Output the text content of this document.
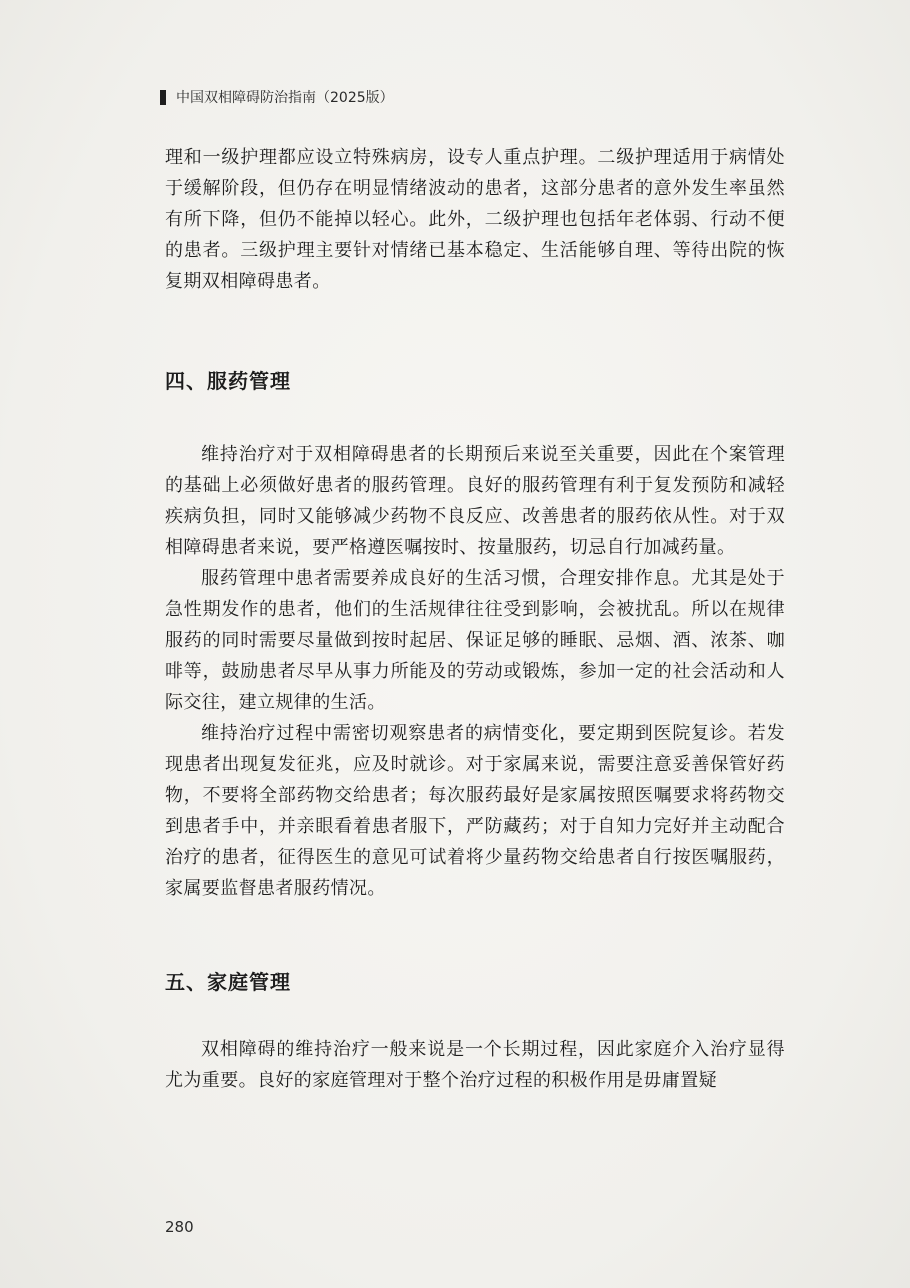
中国双相障碍防治指南（2025版）

理和一级护理都应设立特殊病房，设专人重点护理。二级护理适用于病情处于缓解阶段，但仍存在明显情绪波动的患者，这部分患者的意外发生率虽然有所下降，但仍不能掉以轻心。此外，二级护理也包括年老体弱、行动不便的患者。三级护理主要针对情绪已基本稳定、生活能够自理、等待出院的恢复期双相障碍患者。

四、服药管理

维持治疗对于双相障碍患者的长期预后来说至关重要，因此在个案管理的基础上必须做好患者的服药管理。良好的服药管理有利于复发预防和减轻疾病负担，同时又能够减少药物不良反应、改善患者的服药依从性。对于双相障碍患者来说，要严格遵医嘱按时、按量服药，切忌自行加减药量。

服药管理中患者需要养成良好的生活习惯，合理安排作息。尤其是处于急性期发作的患者，他们的生活规律往往受到影响，会被扰乱。所以在规律服药的同时需要尽量做到按时起居、保证足够的睡眠、忌烟、酒、浓茶、咖啡等，鼓励患者尽早从事力所能及的劳动或锻炼，参加一定的社会活动和人际交往，建立规律的生活。

维持治疗过程中需密切观察患者的病情变化，要定期到医院复诊。若发现患者出现复发征兆，应及时就诊。对于家属来说，需要注意妥善保管好药物，不要将全部药物交给患者；每次服药最好是家属按照医嘱要求将药物交到患者手中，并亲眼看着患者服下，严防藏药；对于自知力完好并主动配合治疗的患者，征得医生的意见可试着将少量药物交给患者自行按医嘱服药，家属要监督患者服药情况。

五、家庭管理

双相障碍的维持治疗一般来说是一个长期过程，因此家庭介入治疗显得尤为重要。良好的家庭管理对于整个治疗过程的积极作用是毋庸置疑

280
